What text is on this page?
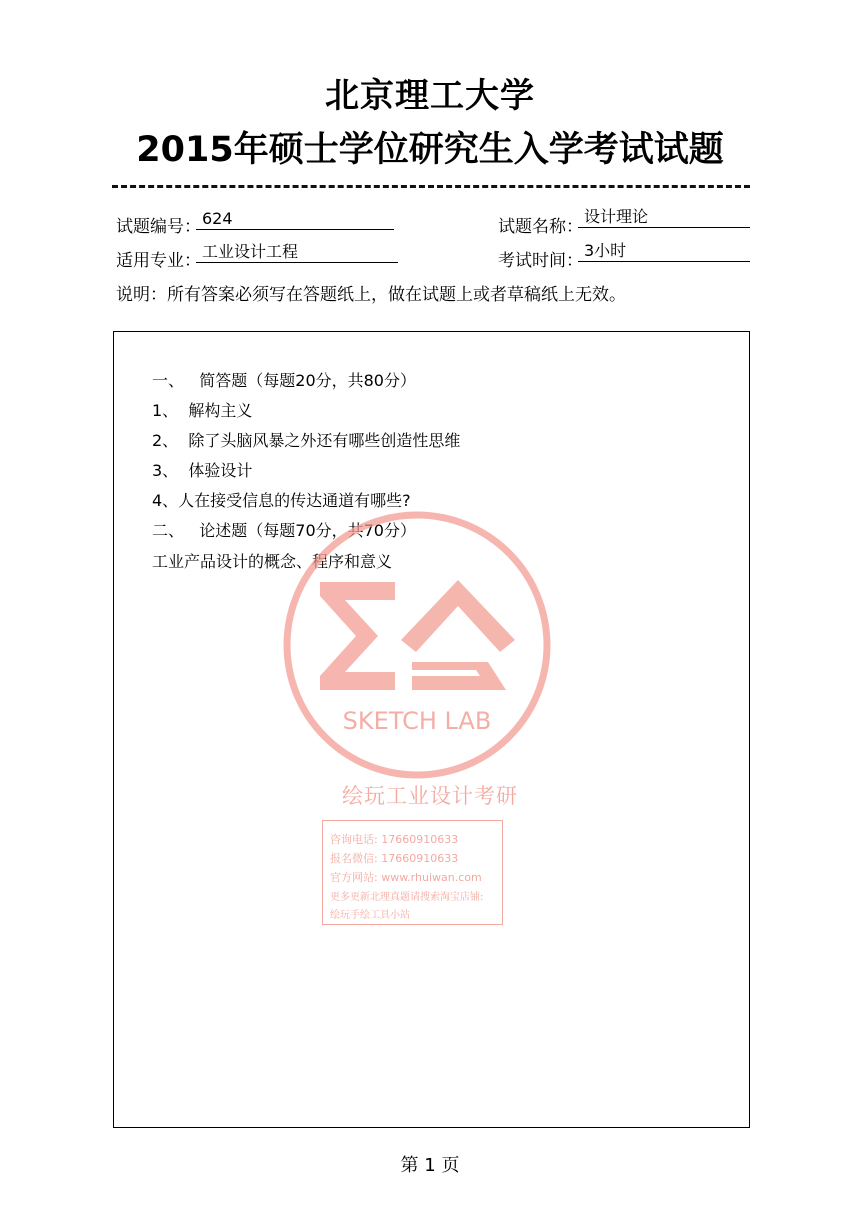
北京理工大学
2015年硕士学位研究生入学考试试题
试题编号： 624	试题名称：
设计理论
适用专业： 工业设计工程	考试时间：
3小时
说明：所有答案必须写在答题纸上，做在试题上或者草稿纸上无效。
一、   简答题（每题20分，共80分）
1、  解构主义
2、  除了头脑风暴之外还有哪些创造性思维
3、  体验设计
4、人在接受信息的传达通道有哪些?
二、   论述题（每题70分，共70分）
工业产品设计的概念、程序和意义
SKETCH LAB
绘玩工业设计考研
咨询电话: 17660910633
报名微信: 17660910633
官方网站: www.rhuiwan.com
更多更新北理真题请搜索淘宝店铺:
绘玩手绘工具小站
第 1 页
